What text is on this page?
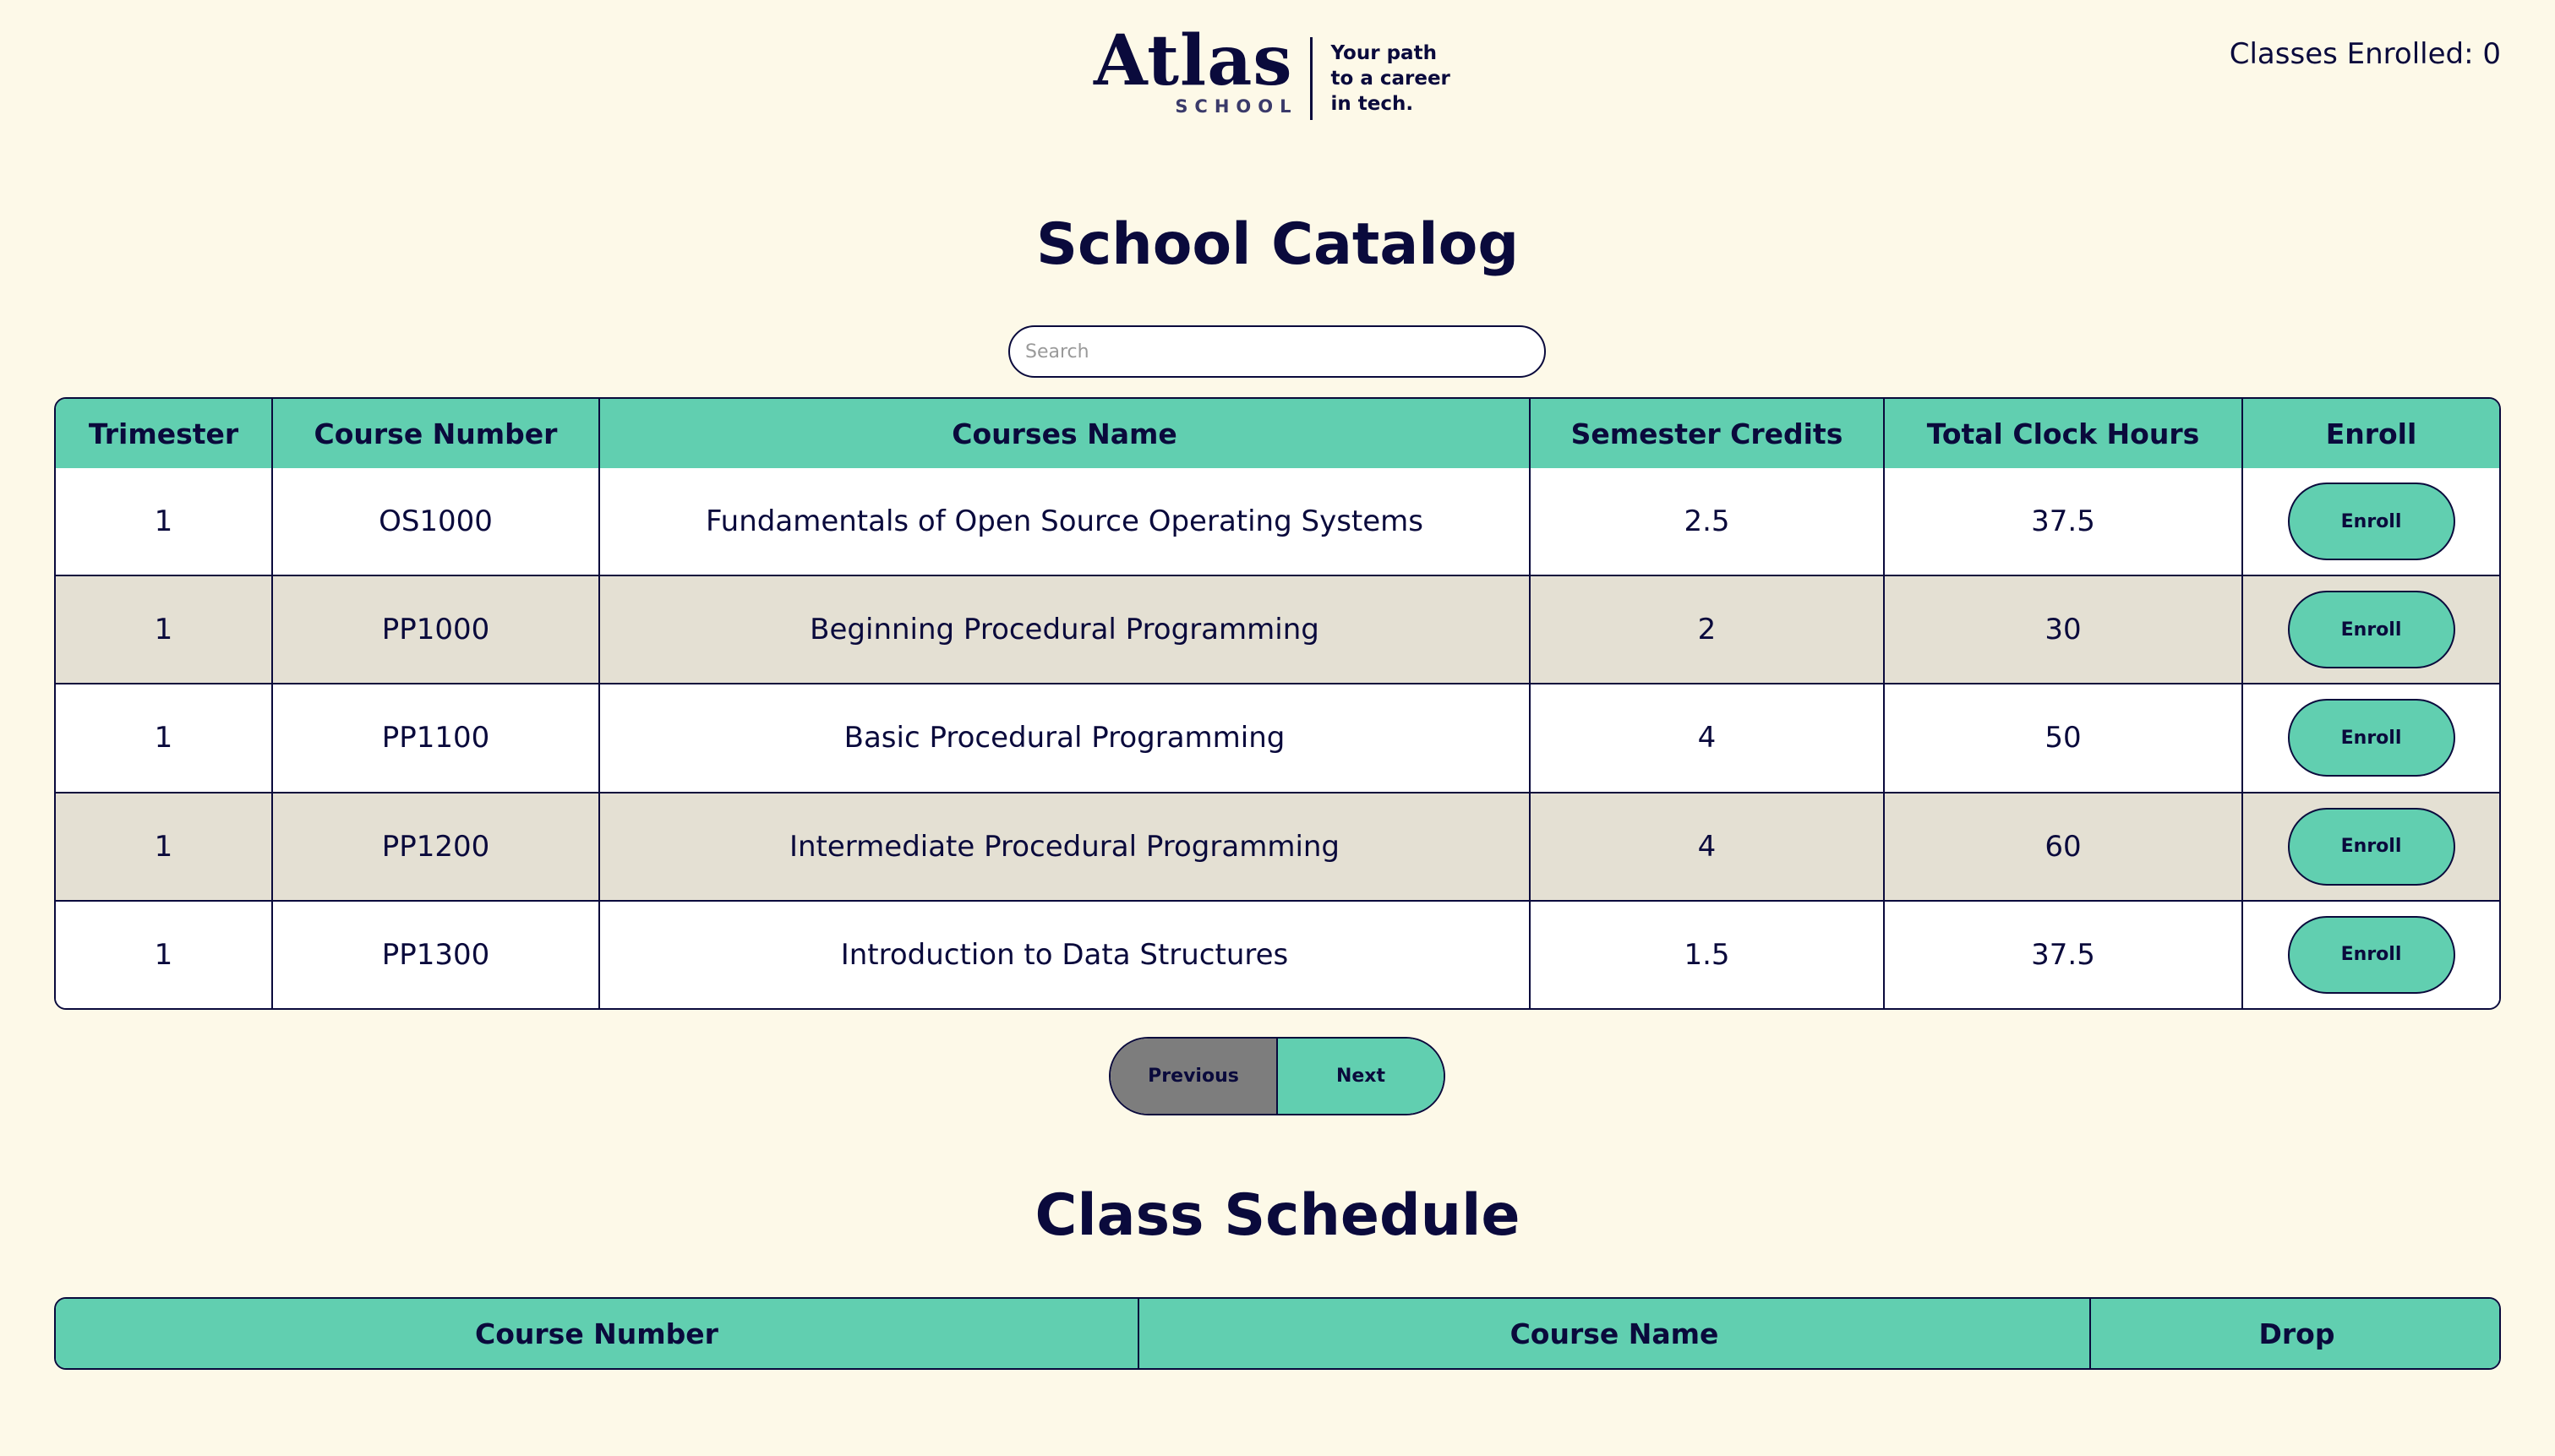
Atlas
SCHOOL
Your path
to a career
in tech.
Classes Enrolled: 0
School Catalog
Search
Trimester	Course Number	Courses Name	Semester Credits	Total Clock Hours	Enroll
1	OS1000	Fundamentals of Open Source Operating Systems	2.5	37.5	Enroll
1	PP1000	Beginning Procedural Programming	2	30	Enroll
1	PP1100	Basic Procedural Programming	4	50	Enroll
1	PP1200	Intermediate Procedural Programming	4	60	Enroll
1	PP1300	Introduction to Data Structures	1.5	37.5	Enroll
Previous	Next
Class Schedule
Course Number	Course Name	Drop
